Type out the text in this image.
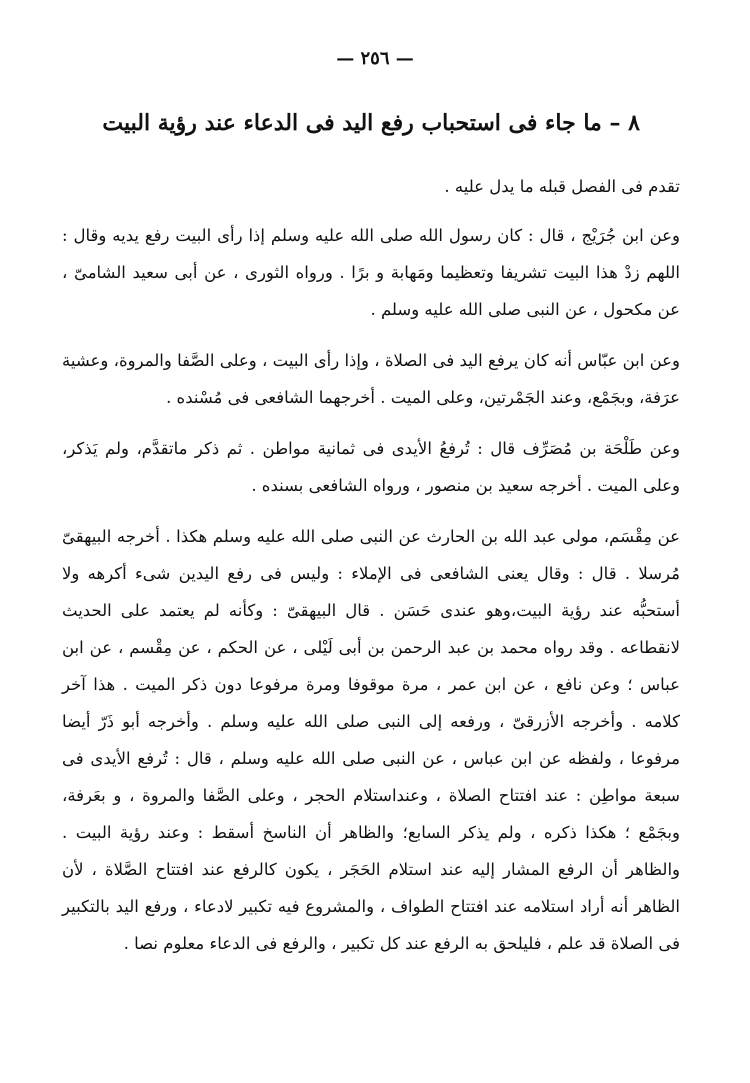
— ٢٥٦ —
٨ – ما جاء فى استحباب رفع اليد فى الدعاء عند رؤية البيت

تقدم فى الفصل قبله ما يدل عليه .

وعن ابن جُرَيْج ، قال : كان رسول الله صلى الله عليه وسلم إذا رأى البيت رفع يديه وقال : اللهم زدْ هذا البيت تشريفا وتعظيما ومَهابة و برًا . ورواه الثورى ، عن أبى سعيد الشامىّ ، عن مكحول ، عن النبى صلى الله عليه وسلم .

وعن ابن عبّاس أنه كان يرفع اليد فى الصلاة ، وإذا رأى البيت ، وعلى الصَّفا والمروة، وعشية عرَفة، وبجَمْع، وعند الجَمْرتين، وعلى الميت . أخرجهما الشافعى فى مُسْنده .

وعن طَلْحَة بن مُصَرِّف قال : تُرفعُ الأيدى فى ثمانية مواطن . ثم ذكر ماتقدَّم، ولم يَذكر، وعلى الميت . أخرجه سعيد بن منصور ، ورواه الشافعى بسنده .

عن مِقْسَم، مولى عبد الله بن الحارث عن النبى صلى الله عليه وسلم هكذا . أخرجه البيهقىّ مُرسلا . قال : وقال يعنى الشافعى فى الإملاء : وليس فى رفع اليدين شىء أكرهه ولا أستحبُّه عند رؤية البيت،وهو عندى حَسَن . قال البيهقىّ : وكأنه لم يعتمد على الحديث لانقطاعه . وقد رواه محمد بن عبد الرحمن بن أبى لَيْلى ، عن الحكم ، عن مِقْسم ، عن ابن عباس ؛ وعن نافع ، عن ابن عمر ، مرة موقوفا ومرة مرفوعا دون ذكر الميت . هذا آخر كلامه . وأخرجه الأزرقىّ ، ورفعه إلى النبى صلى الله عليه وسلم . وأخرجه أبو ذَرّ أيضا مرفوعا ، ولفظه عن ابن عباس ، عن النبى صلى الله عليه وسلم ، قال : تُرفع الأيدى فى سبعة مواطِن : عند افتتاح الصلاة ، وعنداستلام الحجر ، وعلى الصَّفا والمروة ، و بعَرفة، وبجَمْع ؛ هكذا ذكره ، ولم يذكر السابع؛ والظاهر أن الناسخ أسقط : وعند رؤية البيت . والظاهر أن الرفع المشار إليه عند استلام الحَجَر ، يكون كالرفع عند افتتاح الصَّلاة ، لأن الظاهر أنه أراد استلامه عند افتتاح الطواف ، والمشروع فيه تكبير لادعاء ، ورفع اليد بالتكبير فى الصلاة قد علم ، فليلحق به الرفع عند كل تكبير ، والرفع فى الدعاء معلوم نصا .
